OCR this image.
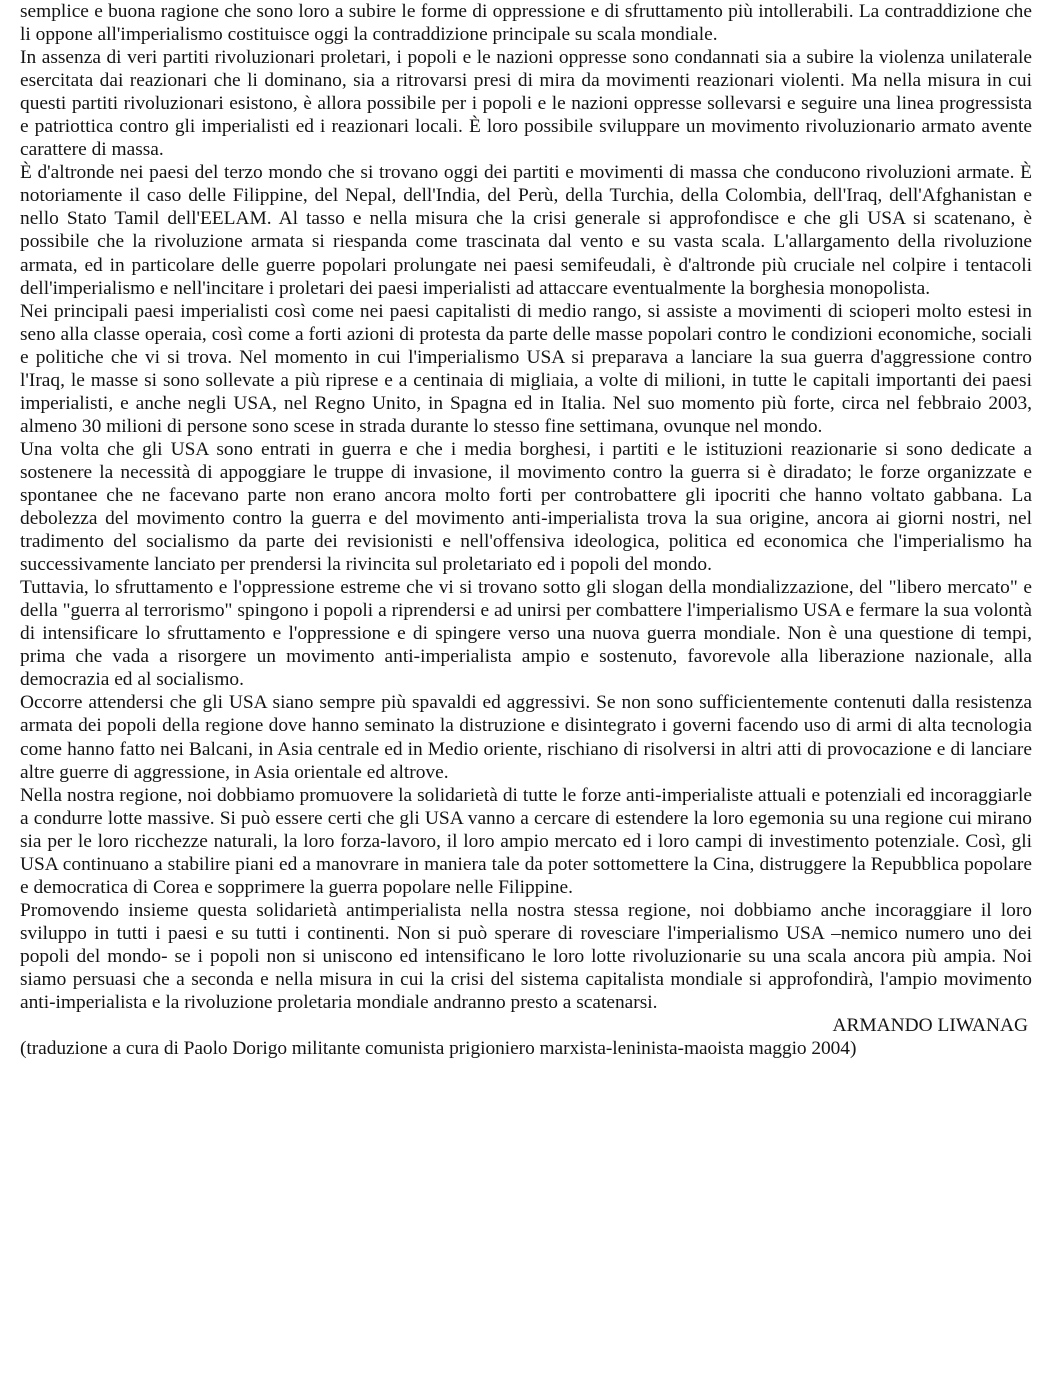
semplice e buona ragione che sono loro a subire le forme di oppressione e di sfruttamento più intollerabili. La contraddizione che li oppone all'imperialismo costituisce oggi la contraddizione principale su scala mondiale.

In assenza di veri partiti rivoluzionari proletari, i popoli e le nazioni oppresse sono condannati sia a subire la violenza unilaterale esercitata dai reazionari che li dominano, sia a ritrovarsi presi di mira da movimenti reazionari violenti. Ma nella misura in cui questi partiti rivoluzionari esistono, è allora possibile per i popoli e le nazioni oppresse sollevarsi e seguire una linea progressista e patriottica contro gli imperialisti ed i reazionari locali. È loro possibile sviluppare un movimento rivoluzionario armato avente carattere di massa.

È d'altronde nei paesi del terzo mondo che si trovano oggi dei partiti e movimenti di massa che conducono rivoluzioni armate. È notoriamente il caso delle Filippine, del Nepal, dell'India, del Perù, della Turchia, della Colombia, dell'Iraq, dell'Afghanistan e nello Stato Tamil dell'EELAM. Al tasso e nella misura che la crisi generale si approfondisce e che gli USA si scatenano, è possibile che la rivoluzione armata si riespanda come trascinata dal vento e su vasta scala. L'allargamento della rivoluzione armata, ed in particolare delle guerre popolari prolungate nei paesi semifeudali, è d'altronde più cruciale nel colpire i tentacoli dell'imperialismo e nell'incitare i proletari dei paesi imperialisti ad attaccare eventualmente la borghesia monopolista.

Nei principali paesi imperialisti così come nei paesi capitalisti di medio rango, si assiste a movimenti di scioperi molto estesi in seno alla classe operaia, così come a forti azioni di protesta da parte delle masse popolari contro le condizioni economiche, sociali e politiche che vi si trova. Nel momento in cui l'imperialismo USA si preparava a lanciare la sua guerra d'aggressione contro l'Iraq, le masse si sono sollevate a più riprese e a centinaia di migliaia, a volte di milioni, in tutte le capitali importanti dei paesi imperialisti, e anche negli USA, nel Regno Unito, in Spagna ed in Italia. Nel suo momento più forte, circa nel febbraio 2003, almeno 30 milioni di persone sono scese in strada durante lo stesso fine settimana, ovunque nel mondo.

Una volta che gli USA sono entrati in guerra e che i media borghesi, i partiti e le istituzioni reazionarie si sono dedicate a sostenere la necessità di appoggiare le truppe di invasione, il movimento contro la guerra si è diradato; le forze organizzate e spontanee che ne facevano parte non erano ancora molto forti per controbattere gli ipocriti che hanno voltato gabbana. La debolezza del movimento contro la guerra e del movimento anti-imperialista trova la sua origine, ancora ai giorni nostri, nel tradimento del socialismo da parte dei revisionisti e nell'offensiva ideologica, politica ed economica che l'imperialismo ha successivamente lanciato per prendersi la rivincita sul proletariato ed i popoli del mondo.

Tuttavia, lo sfruttamento e l'oppressione estreme che vi si trovano sotto gli slogan della mondializzazione, del "libero mercato" e della "guerra al terrorismo" spingono i popoli a riprendersi e ad unirsi per combattere l'imperialismo USA e fermare la sua volontà di intensificare lo sfruttamento e l'oppressione e di spingere verso una nuova guerra mondiale. Non è una questione di tempi, prima che vada a risorgere un movimento anti-imperialista ampio e sostenuto, favorevole alla liberazione nazionale, alla democrazia ed al socialismo.

Occorre attendersi che gli USA siano sempre più spavaldi ed aggressivi. Se non sono sufficientemente contenuti dalla resistenza armata dei popoli della regione dove hanno seminato la distruzione e disintegrato i governi facendo uso di armi di alta tecnologia come hanno fatto nei Balcani, in Asia centrale ed in Medio oriente, rischiano di risolversi in altri atti di provocazione e di lanciare altre guerre di aggressione, in Asia orientale ed altrove.

Nella nostra regione, noi dobbiamo promuovere la solidarietà di tutte le forze anti-imperialiste attuali e potenziali ed incoraggiarle a condurre lotte massive. Si può essere certi che gli USA vanno a cercare di estendere la loro egemonia su una regione cui mirano sia per le loro ricchezze naturali, la loro forza-lavoro, il loro ampio mercato ed i loro campi di investimento potenziale. Così, gli USA continuano a stabilire piani ed a manovrare in maniera tale da poter sottomettere la Cina, distruggere la Repubblica popolare e democratica di Corea e sopprimere la guerra popolare nelle Filippine.

Promovendo insieme questa solidarietà antimperialista nella nostra stessa regione, noi dobbiamo anche incoraggiare il loro sviluppo in tutti i paesi e su tutti i continenti. Non si può sperare di rovesciare l'imperialismo USA –nemico numero uno dei popoli del mondo- se i popoli non si uniscono ed intensificano le loro lotte rivoluzionarie su una scala ancora più ampia. Noi siamo persuasi che a seconda e nella misura in cui la crisi del sistema capitalista mondiale si approfondirà, l'ampio movimento anti-imperialista e la rivoluzione proletaria mondiale andranno presto a scatenarsi.

ARMANDO LIWANAG

(traduzione a cura di Paolo Dorigo militante comunista prigioniero marxista-leninista-maoista maggio 2004)
